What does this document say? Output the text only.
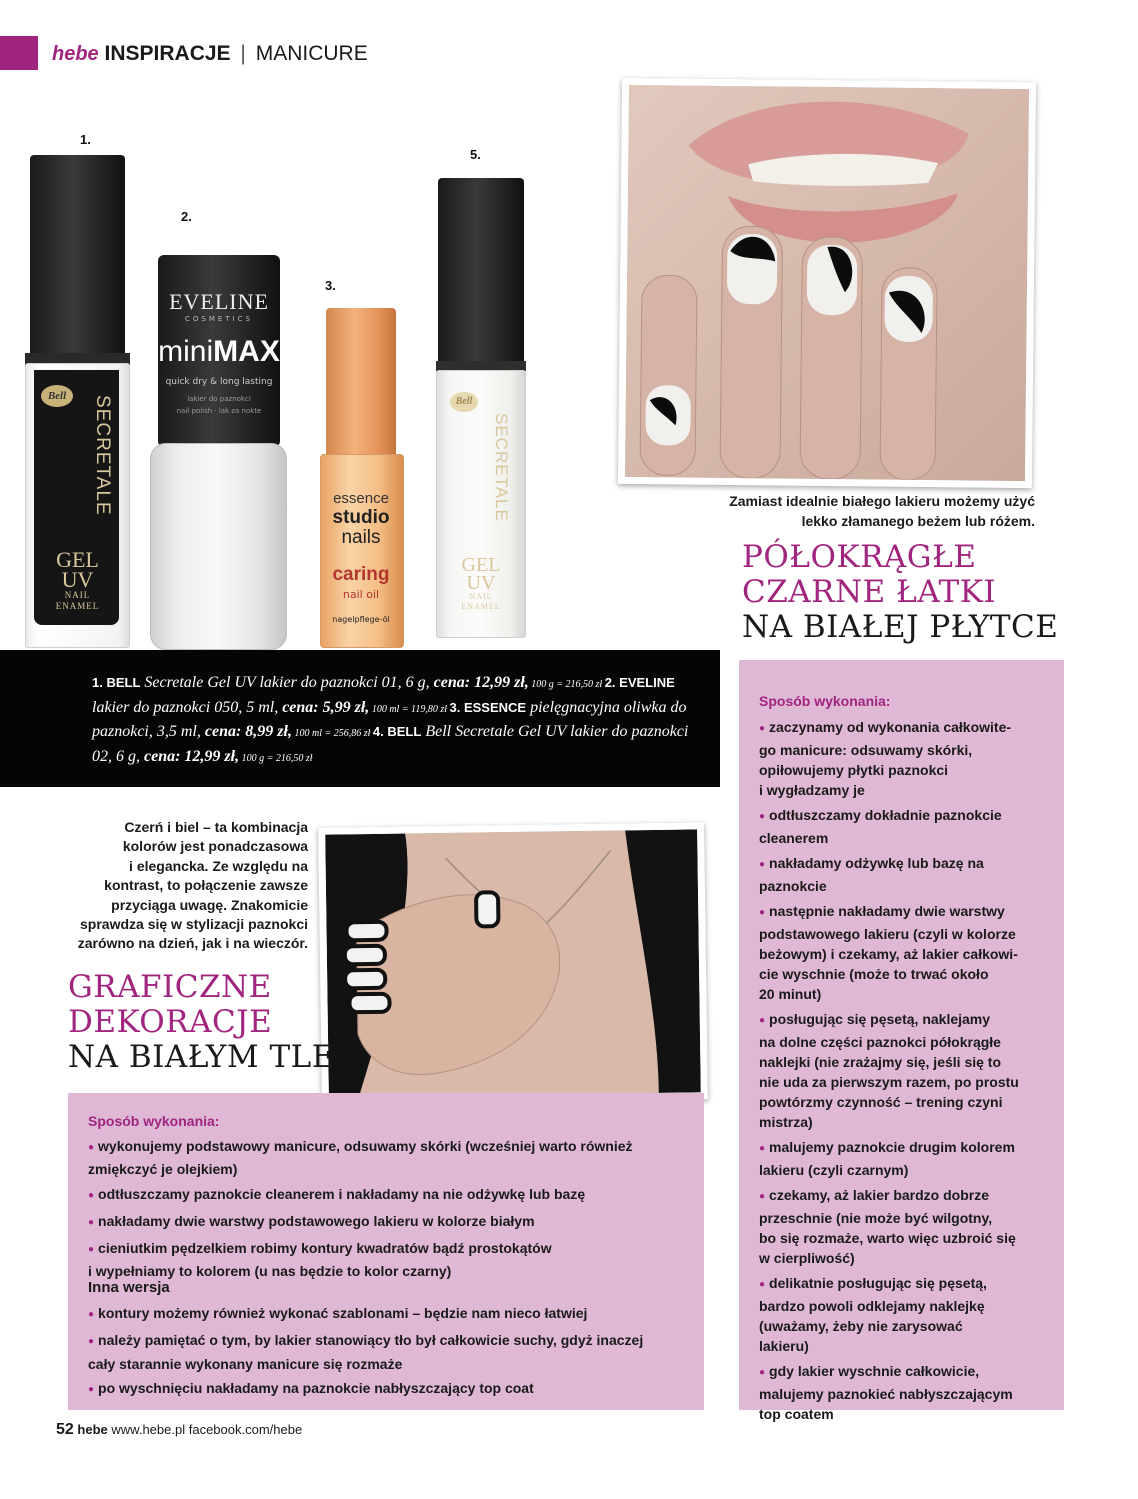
hebe INSPIRACJE | MANICURE
1.
2.
3.
5.
Bell	SECRETALE
GEL
UV
NAIL
ENAMEL
EVELINE
COSMETICS
miniMAX
quick dry & long lasting
lakier do paznokci
nail polish · lak za nokte
essence
studio
nails
caring
nail oil
nagelpflege-öl
Bell
SECRETALE
GEL
UV
NAIL
ENAMEL
1. BELL Secretale Gel UV lakier do paznokci 01, 6 g, cena: 12,99 zł, 100 g = 216,50 zł 2. EVELINE lakier do paznokci 050, 5 ml, cena: 5,99 zł, 100 ml = 119,80 zł 3. ESSENCE pielęgnacyjna oliwka do paznokci, 3,5 ml, cena: 8,99 zł, 100 ml = 256,86 zł 4. BELL Bell Secretale Gel UV lakier do paznokci 02, 6 g, cena: 12,99 zł, 100 g = 216,50 zł
Zamiast idealnie białego lakieru możemy użyć
lekko złamanego beżem lub różem.
PÓŁOKRĄGŁE
CZARNE ŁATKI
NA BIAŁEJ PŁYTCE
Sposób wykonania:
● zaczynamy od wykonania całkowite-
go manicure: odsuwamy skórki,
opiłowujemy płytki paznokci
i wygładzamy je
● odtłuszczamy dokładnie paznokcie
cleanerem
● nakładamy odżywkę lub bazę na
paznokcie
● następnie nakładamy dwie warstwy
podstawowego lakieru (czyli w kolorze
beżowym) i czekamy, aż lakier całkowi-
cie wyschnie (może to trwać około
20 minut)
● posługując się pęsetą, naklejamy
na dolne części paznokci półokrągłe
naklejki (nie zrażajmy się, jeśli się to
nie uda za pierwszym razem, po prostu
powtórzmy czynność – trening czyni
mistrza)
● malujemy paznokcie drugim kolorem
lakieru (czyli czarnym)
● czekamy, aż lakier bardzo dobrze
przeschnie (nie może być wilgotny,
bo się rozmaże, warto więc uzbroić się
w cierpliwość)
● delikatnie posługując się pęsetą,
bardzo powoli odklejamy naklejkę
(uważamy, żeby nie zarysować
lakieru)
● gdy lakier wyschnie całkowicie,
malujemy paznokieć nabłyszczającym
top coatem
Czerń i biel – ta kombinacja
kolorów jest ponadczasowa
i elegancka. Ze względu na
kontrast, to połączenie zawsze
przyciąga uwagę. Znakomicie
sprawdza się w stylizacji paznokci
zarówno na dzień, jak i na wieczór.
GRAFICZNE
DEKORACJE
NA BIAŁYM TLE
Sposób wykonania:
● wykonujemy podstawowy manicure, odsuwamy skórki (wcześniej warto również
zmiękczyć je olejkiem)
● odtłuszczamy paznokcie cleanerem i nakładamy na nie odżywkę lub bazę
● nakładamy dwie warstwy podstawowego lakieru w kolorze białym
● cieniutkim pędzelkiem robimy kontury kwadratów bądź prostokątów
i wypełniamy to kolorem (u nas będzie to kolor czarny)
Inna wersja
● kontury możemy również wykonać szablonami – będzie nam nieco łatwiej
● należy pamiętać o tym, by lakier stanowiący tło był całkowicie suchy, gdyż inaczej
cały starannie wykonany manicure się rozmaże
● po wyschnięciu nakładamy na paznokcie nabłyszczający top coat
52 hebe www.hebe.pl facebook.com/hebe
